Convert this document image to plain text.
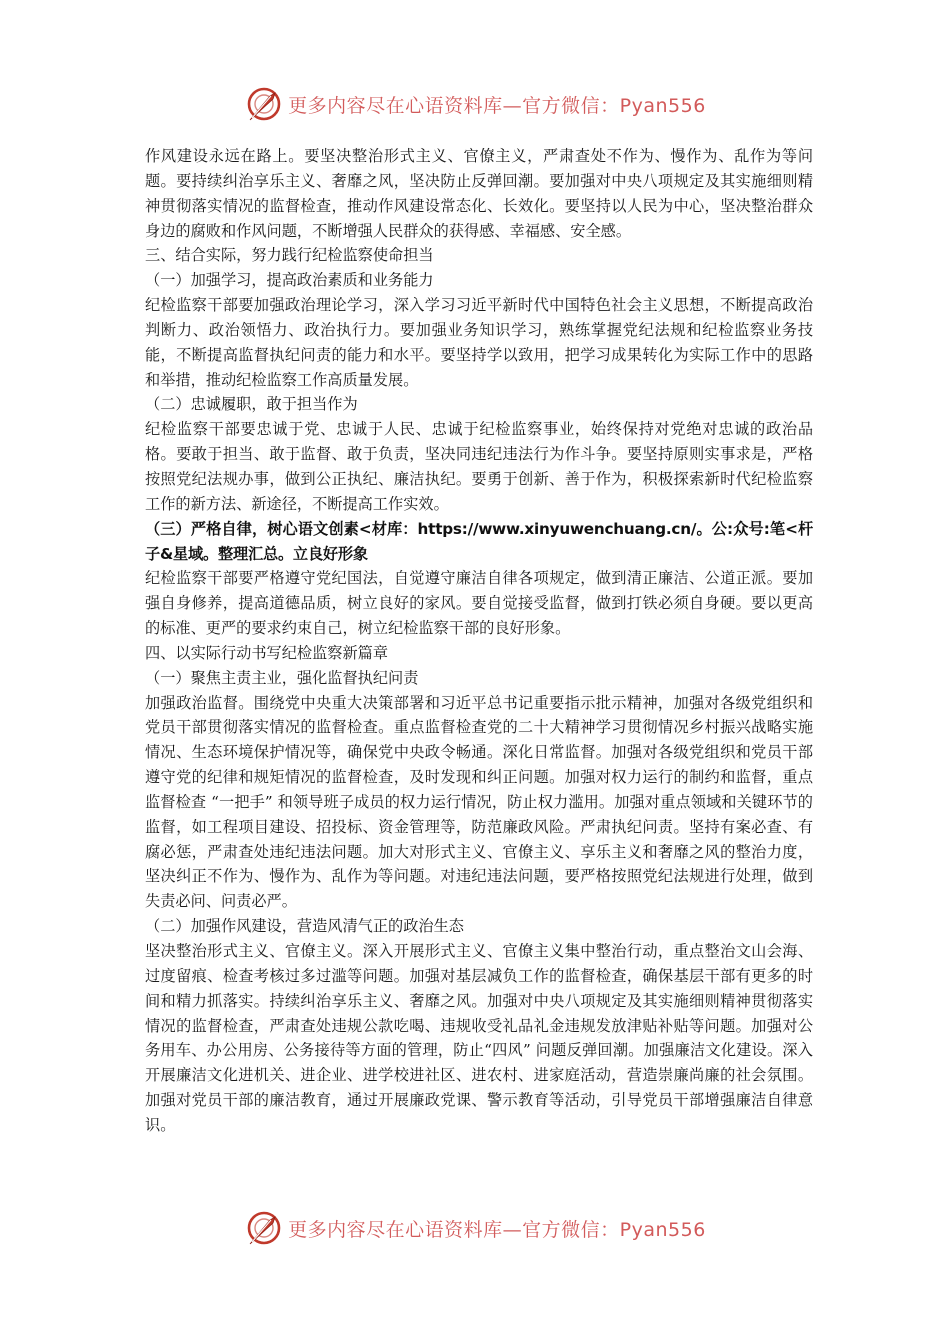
更多内容尽在心语资料库—官方微信：Pyan556

作风建设永远在路上。要坚决整治形式主义、官僚主义，严肃查处不作为、慢作为、乱作为等问题。要持续纠治享乐主义、奢靡之风，坚决防止反弹回潮。要加强对中央八项规定及其实施细则精神贯彻落实情况的监督检查，推动作风建设常态化、长效化。要坚持以人民为中心，坚决整治群众身边的腐败和作风问题，不断增强人民群众的获得感、幸福感、安全感。

三、结合实际，努力践行纪检监察使命担当

（一）加强学习，提高政治素质和业务能力

纪检监察干部要加强政治理论学习，深入学习习近平新时代中国特色社会主义思想，不断提高政治判断力、政治领悟力、政治执行力。要加强业务知识学习，熟练掌握党纪法规和纪检监察业务技能，不断提高监督执纪问责的能力和水平。要坚持学以致用，把学习成果转化为实际工作中的思路和举措，推动纪检监察工作高质量发展。

（二）忠诚履职，敢于担当作为

纪检监察干部要忠诚于党、忠诚于人民、忠诚于纪检监察事业，始终保持对党绝对忠诚的政治品格。要敢于担当、敢于监督、敢于负责，坚决同违纪违法行为作斗争。要坚持原则实事求是，严格按照党纪法规办事，做到公正执纪、廉洁执纪。要勇于创新、善于作为，积极探索新时代纪检监察工作的新方法、新途径，不断提高工作实效。

（三）严格自律，树心语文创素<材库：https://www.xinyuwenchuang.cn/。公:众号:笔<杆子&星域。整理汇总。立良好形象

纪检监察干部要严格遵守党纪国法，自觉遵守廉洁自律各项规定，做到清正廉洁、公道正派。要加强自身修养，提高道德品质，树立良好的家风。要自觉接受监督，做到打铁必须自身硬。要以更高的标准、更严的要求约束自己，树立纪检监察干部的良好形象。

四、以实际行动书写纪检监察新篇章

（一）聚焦主责主业，强化监督执纪问责

加强政治监督。围绕党中央重大决策部署和习近平总书记重要指示批示精神，加强对各级党组织和党员干部贯彻落实情况的监督检查。重点监督检查党的二十大精神学习贯彻情况乡村振兴战略实施情况、生态环境保护情况等，确保党中央政令畅通。深化日常监督。加强对各级党组织和党员干部遵守党的纪律和规矩情况的监督检查，及时发现和纠正问题。加强对权力运行的制约和监督，重点监督检查 “一把手” 和领导班子成员的权力运行情况，防止权力滥用。加强对重点领域和关键环节的监督，如工程项目建设、招投标、资金管理等，防范廉政风险。严肃执纪问责。坚持有案必查、有腐必惩，严肃查处违纪违法问题。加大对形式主义、官僚主义、享乐主义和奢靡之风的整治力度，坚决纠正不作为、慢作为、乱作为等问题。对违纪违法问题，要严格按照党纪法规进行处理，做到失责必问、问责必严。

（二）加强作风建设，营造风清气正的政治生态

坚决整治形式主义、官僚主义。深入开展形式主义、官僚主义集中整治行动，重点整治文山会海、过度留痕、检查考核过多过滥等问题。加强对基层减负工作的监督检查，确保基层干部有更多的时间和精力抓落实。持续纠治享乐主义、奢靡之风。加强对中央八项规定及其实施细则精神贯彻落实情况的监督检查，严肃查处违规公款吃喝、违规收受礼品礼金违规发放津贴补贴等问题。加强对公务用车、办公用房、公务接待等方面的管理，防止“四风” 问题反弹回潮。加强廉洁文化建设。深入开展廉洁文化进机关、进企业、进学校进社区、进农村、进家庭活动，营造崇廉尚廉的社会氛围。加强对党员干部的廉洁教育，通过开展廉政党课、警示教育等活动，引导党员干部增强廉洁自律意识。

更多内容尽在心语资料库—官方微信：Pyan556
